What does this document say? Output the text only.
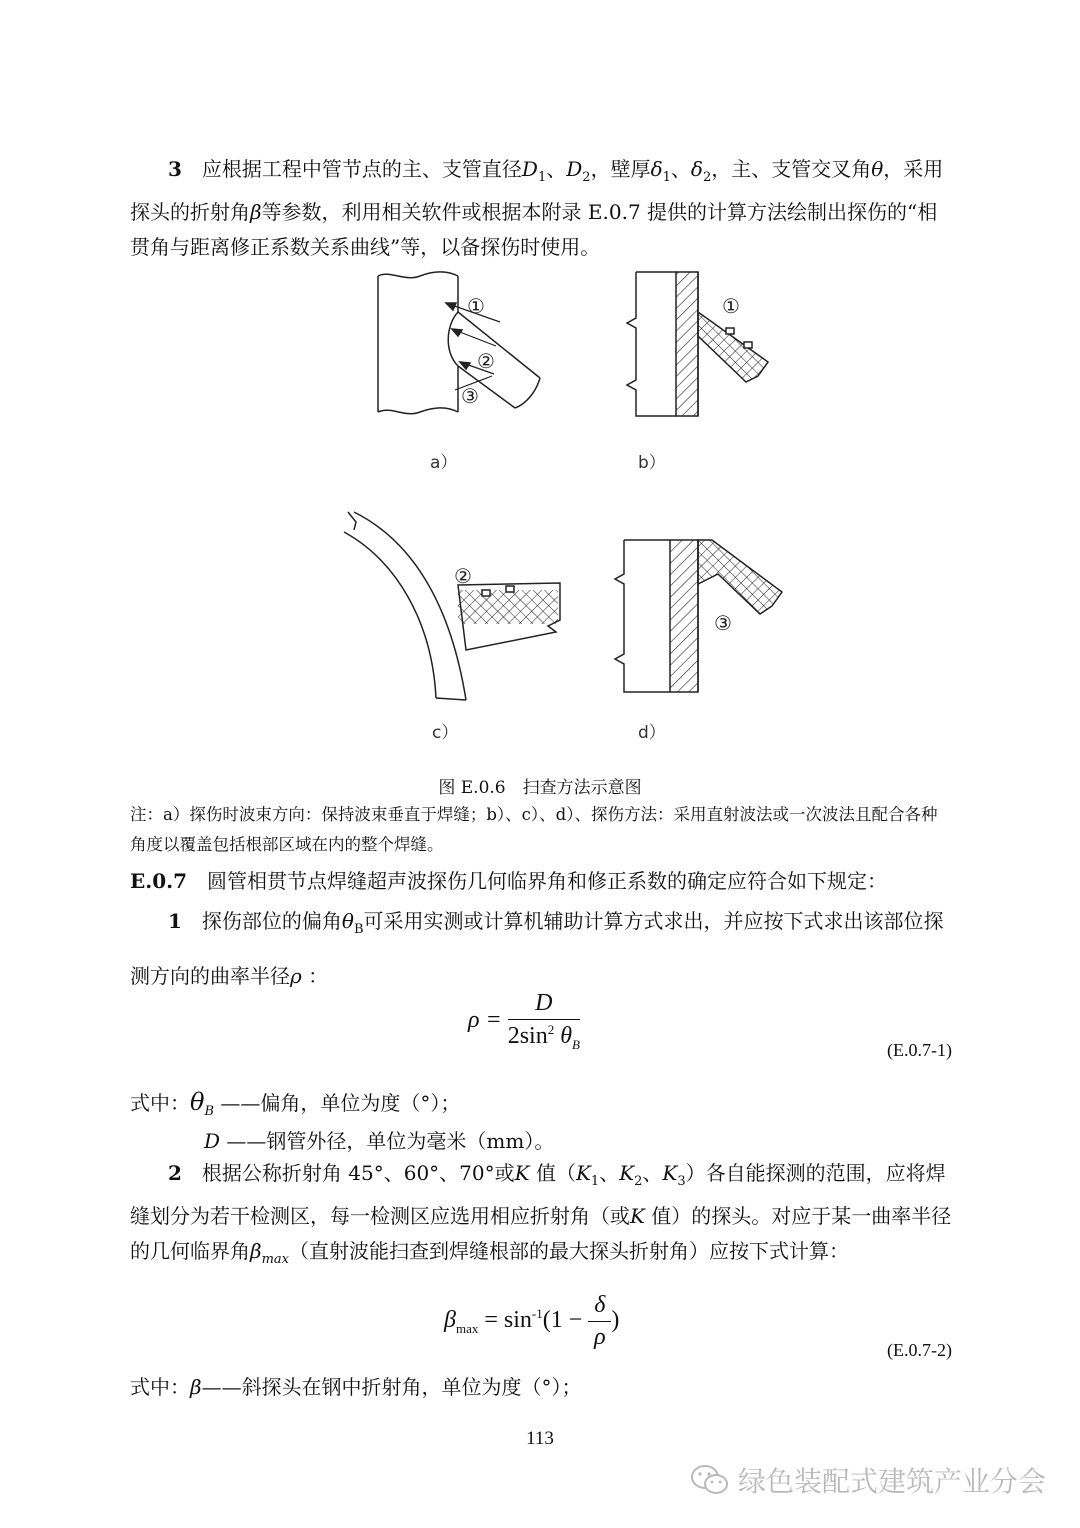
3　 应根据工程中管节点的主、支管直径$D_1$、$D_2$，壁厚$\delta_1$、$\delta_2$，主、支管交叉角θ，采用探头的折射角β等参数，利用相关软件或根据本附录 E.0.7 提供的计算方法绘制出探伤的“相贯角与距离修正系数关系曲线”等，以备探伤时使用。

①
②
③
a）
①
b）
②
c）
③
d）
图 E.0.6　扫查方法示意图

注：a）探伤时波束方向：保持波束垂直于焊缝；b）、c）、d）、探伤方法：采用直射波法或一次波法且配合各种角度以覆盖包括根部区域在内的整个焊缝。

E.0.7　 圆管相贯节点焊缝超声波探伤几何临界角和修正系数的确定应符合如下规定：

1　 探伤部位的偏角$\theta_B$可采用实测或计算机辅助计算方式求出，并应按下式求出该部位探测方向的曲率半径ρ ：

$\rho = \frac{D}{2\sin^2 \theta_B}$	(E.0.7-1)

式中：$\theta_B$ ——偏角，单位为度（°）；

D ——钢管外径，单位为毫米（mm）。

2　 根据公称折射角 45°、60°、70°或K 值（$K_1$、$K_2$、$K_3$）各自能探测的范围，应将焊缝划分为若干检测区，每一检测区应选用相应折射角（或K 值）的探头。对应于某一曲率半径的几何临界角$\beta_{max}$（直射波能扫查到焊缝根部的最大探头折射角）应按下式计算：

$\beta_{max} = \sin^{-1}(1 - \frac{\delta}{\rho}$ )
(E.0.7-2)

式中：β——斜探头在钢中折射角，单位为度（°）；

113
绿色装配式建筑产业分会
